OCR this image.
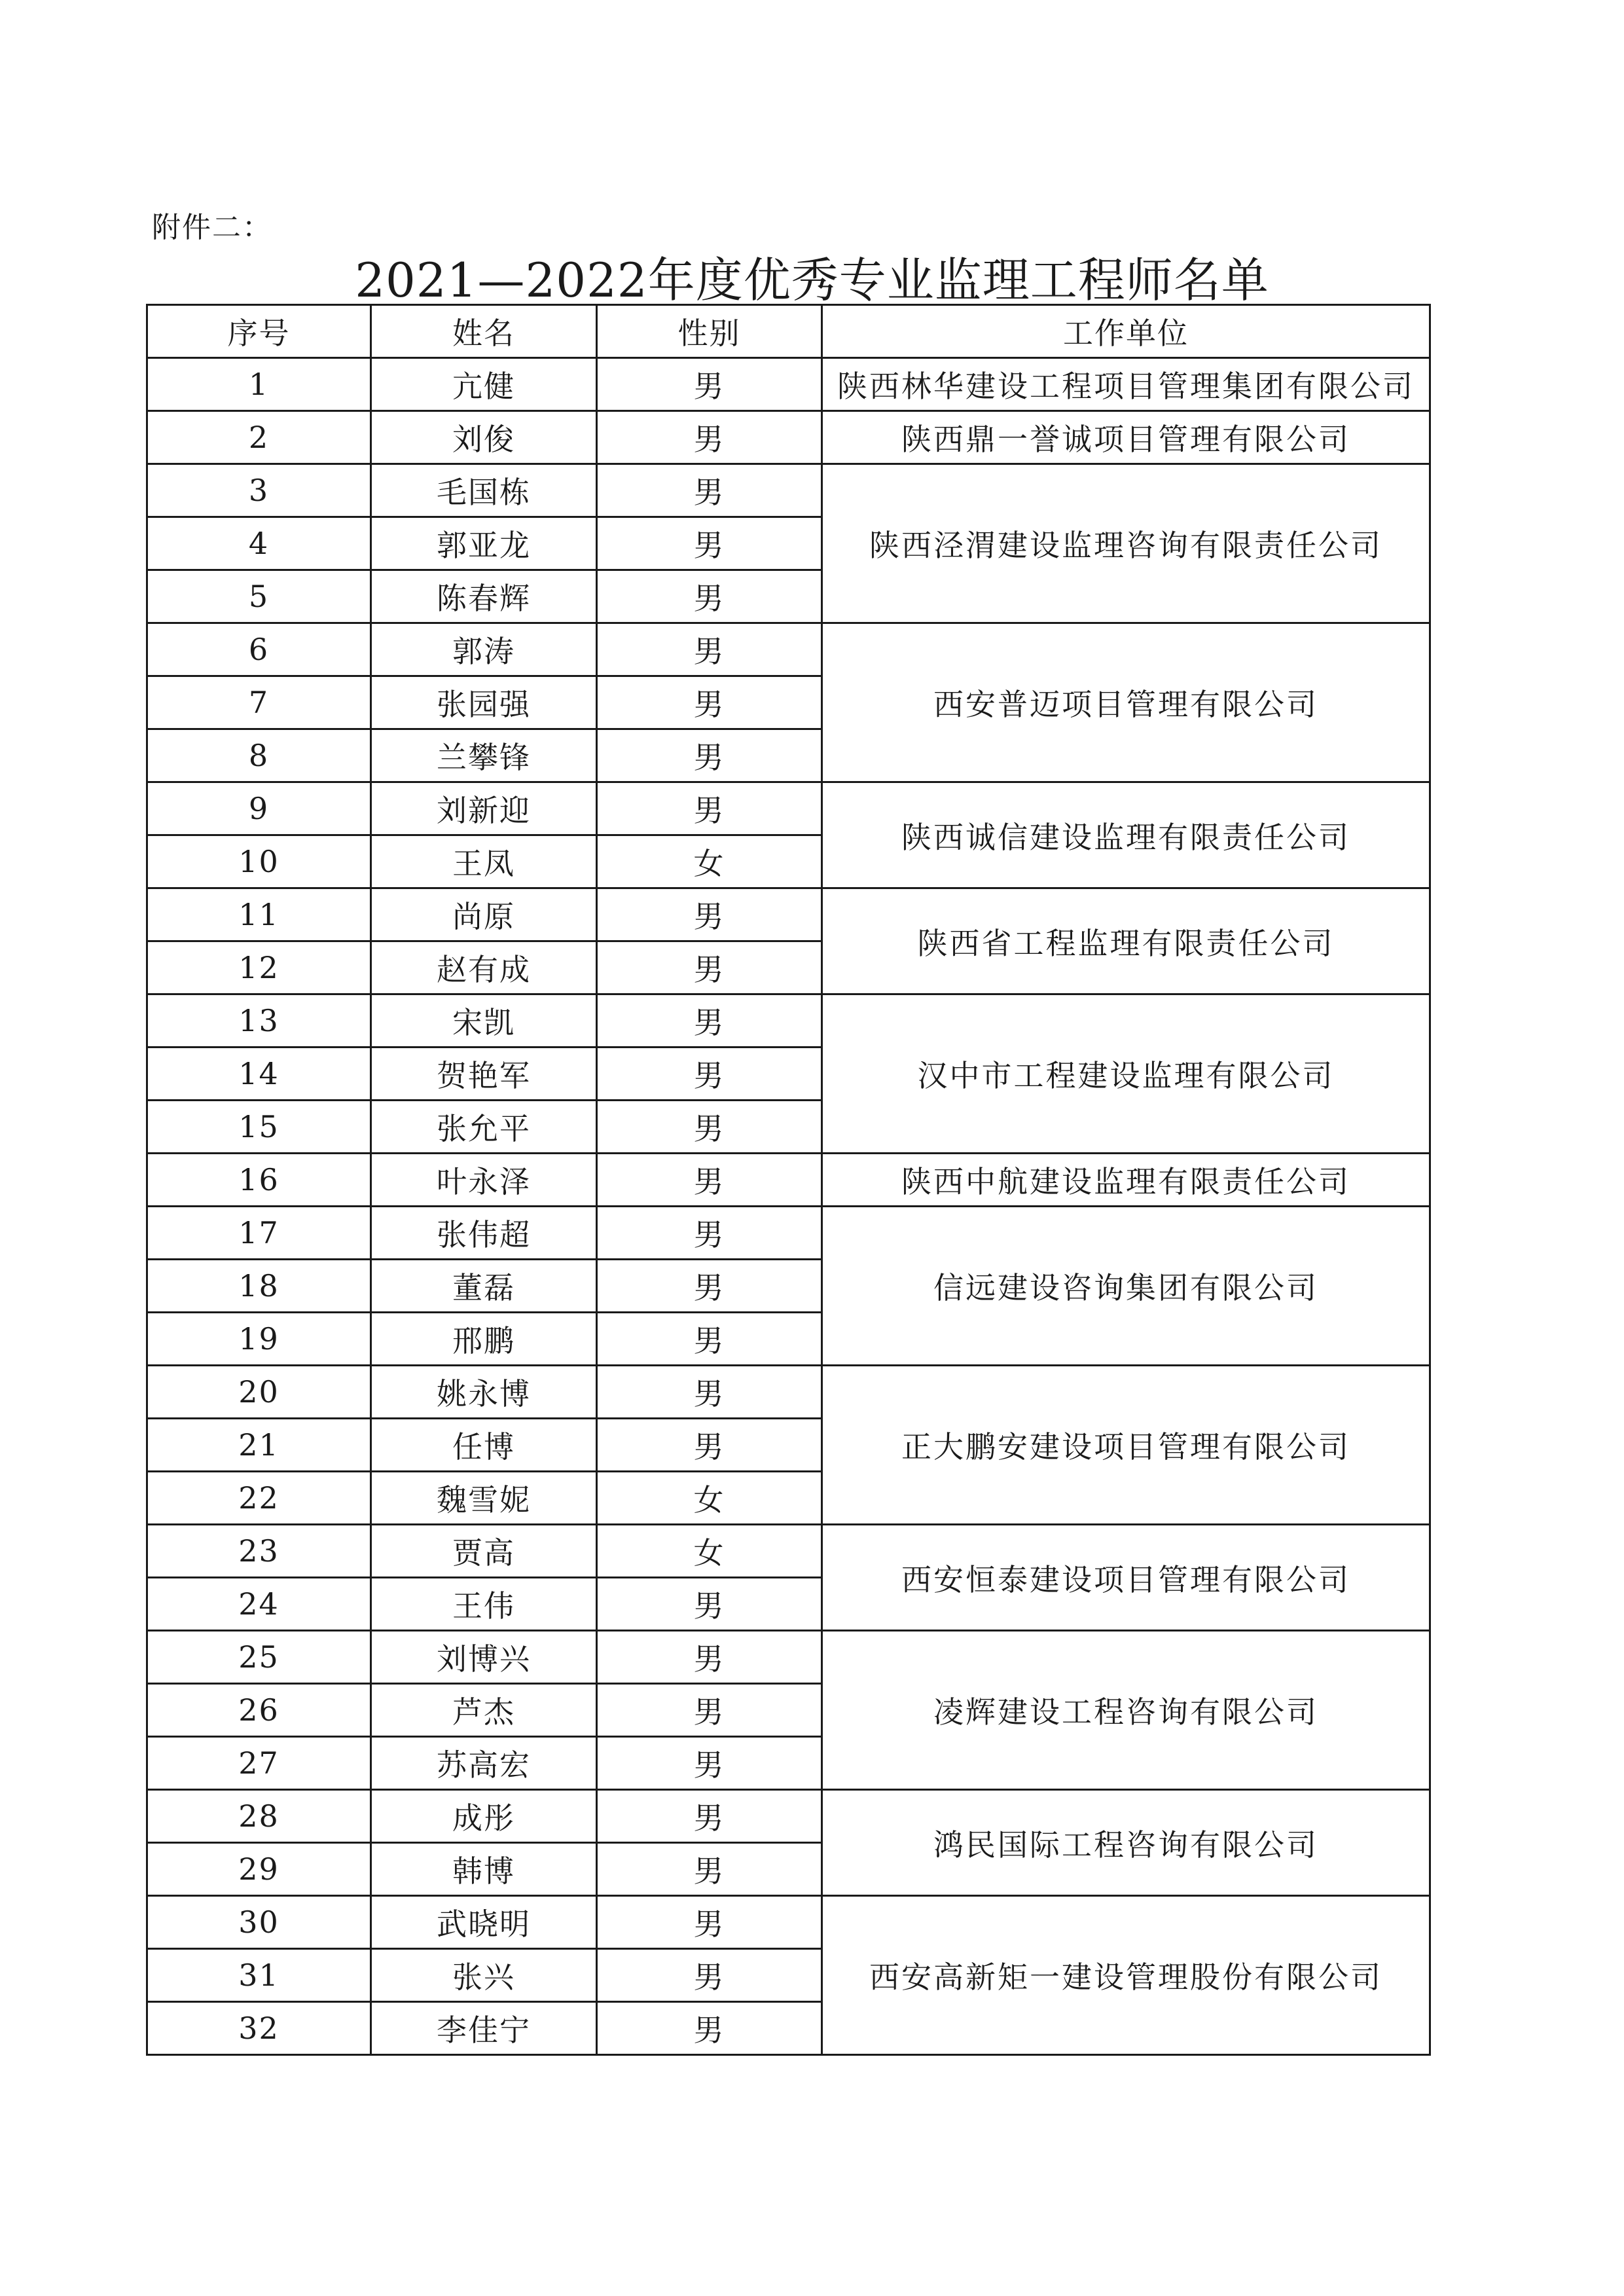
附件二：
2021—2022年度优秀专业监理工程师名单
序号	姓名	性别	工作单位
1	亢健	男	陕西林华建设工程项目管理集团有限公司
2	刘俊	男	陕西鼎一誉诚项目管理有限公司
3	毛国栋	男	陕西泾渭建设监理咨询有限责任公司
4	郭亚龙	男	
5	陈春辉	男	
6	郭涛	男	西安普迈项目管理有限公司
7	张园强	男	
8	兰攀锋	男	
9	刘新迎	男	陕西诚信建设监理有限责任公司
10	王凤	女	
11	尚原	男	陕西省工程监理有限责任公司
12	赵有成	男	
13	宋凯	男	汉中市工程建设监理有限公司
14	贺艳军	男	
15	张允平	男	
16	叶永泽	男	陕西中航建设监理有限责任公司
17	张伟超	男	信远建设咨询集团有限公司
18	董磊	男	
19	邢鹏	男	
20	姚永博	男	正大鹏安建设项目管理有限公司
21	任博	男	
22	魏雪妮	女	
23	贾高	女	西安恒泰建设项目管理有限公司
24	王伟	男	
25	刘博兴	男	凌辉建设工程咨询有限公司
26	芦杰	男	
27	苏高宏	男	
28	成彤	男	鸿民国际工程咨询有限公司
29	韩博	男	
30	武晓明	男	西安高新矩一建设管理股份有限公司
31	张兴	男	
32	李佳宁	男	
